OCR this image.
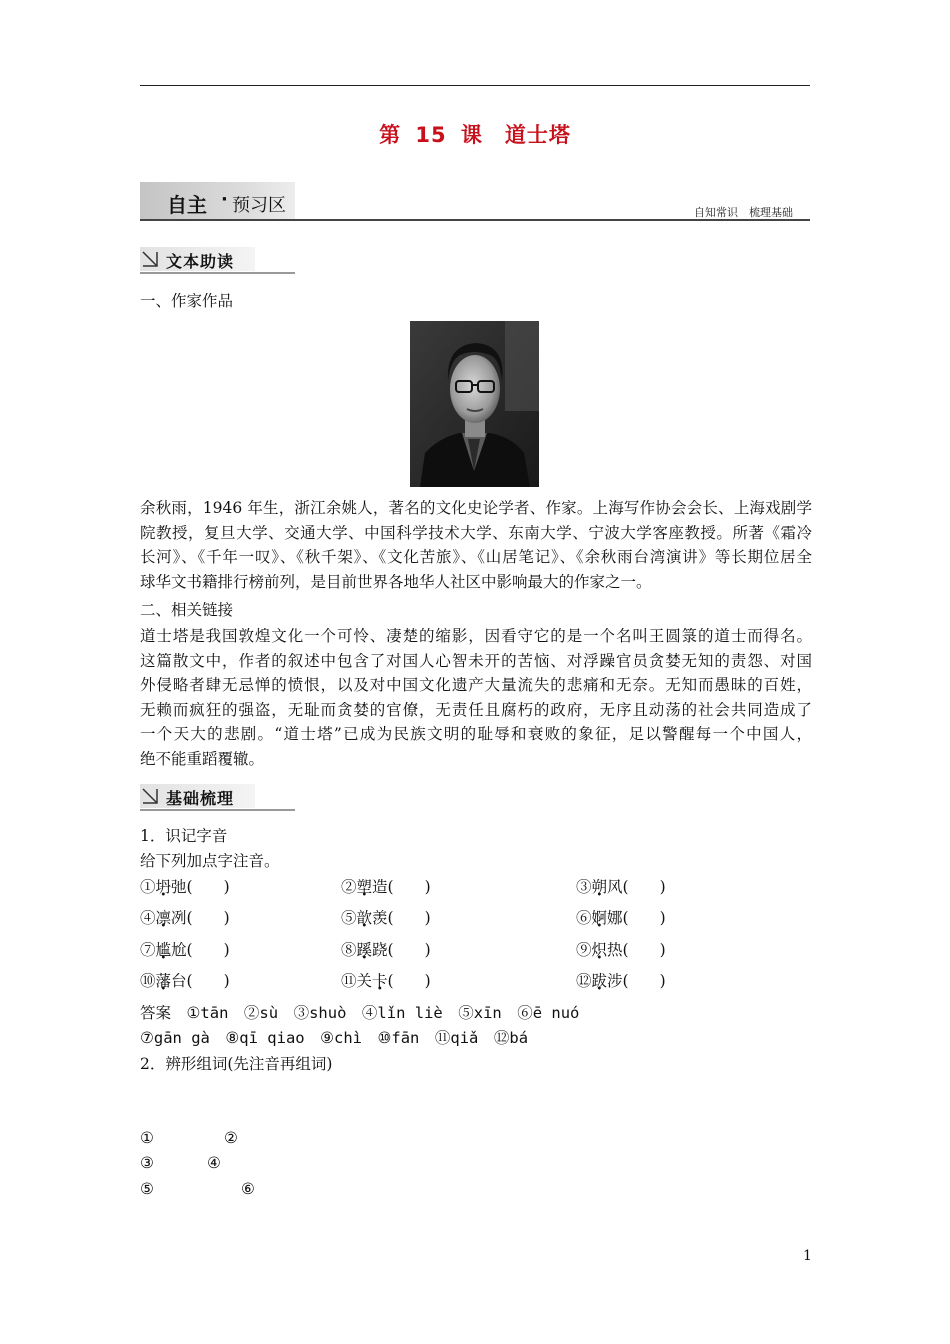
第 15 课　道士塔
自主 · 预习区	自知常识　梳理基础
文本助读
一、作家作品
余秋雨，1946 年生，浙江余姚人，著名的文化史论学者、作家。上海写作协会会长、上海戏剧学
院教授，复旦大学、交通大学、中国科学技术大学、东南大学、宁波大学客座教授。所著《霜冷
长河》、《千年一叹》、《秋千架》、《文化苦旅》、《山居笔记》、《余秋雨台湾演讲》等长期位居全
球华文书籍排行榜前列，是目前世界各地华人社区中影响最大的作家之一。
二、相关链接
道士塔是我国敦煌文化一个可怜、凄楚的缩影，因看守它的是一个名叫王圆箓的道士而得名。
这篇散文中，作者的叙述中包含了对国人心智未开的苦恼、对浮躁官员贪婪无知的责怨、对国
外侵略者肆无忌惮的愤恨，以及对中国文化遗产大量流失的悲痛和无奈。无知而愚昧的百姓，
无赖而疯狂的强盗，无耻而贪婪的官僚，无责任且腐朽的政府，无序且动荡的社会共同造成了
一个天大的悲剧。“道士塔”已成为民族文明的耻辱和衰败的象征，足以警醒每一个中国人，
绝不能重蹈覆辙。
基础梳理
1．识记字音
给下列加点字注音。
①坍弛(　　)	②塑造(　　)	③朔风(　　)
④凛冽(　　)	⑤歆羡(　　)	⑥婀娜(　　)
⑦尴尬(　　)	⑧蹊跷(　　)	⑨炽热(　　)
⑩藩台(　　)	⑪关卡(　　)	⑫跋涉(　　)
答案　 ①tān　②sù　③shuò　④lǐn liè　⑤xīn　⑥ē nuó
⑦gān gà　⑧qī qiao　⑨chì　⑩fān　⑪qiǎ　⑫bá
2．辨形组词(先注音再组词)
①	②
③	④
⑤	⑥
1
